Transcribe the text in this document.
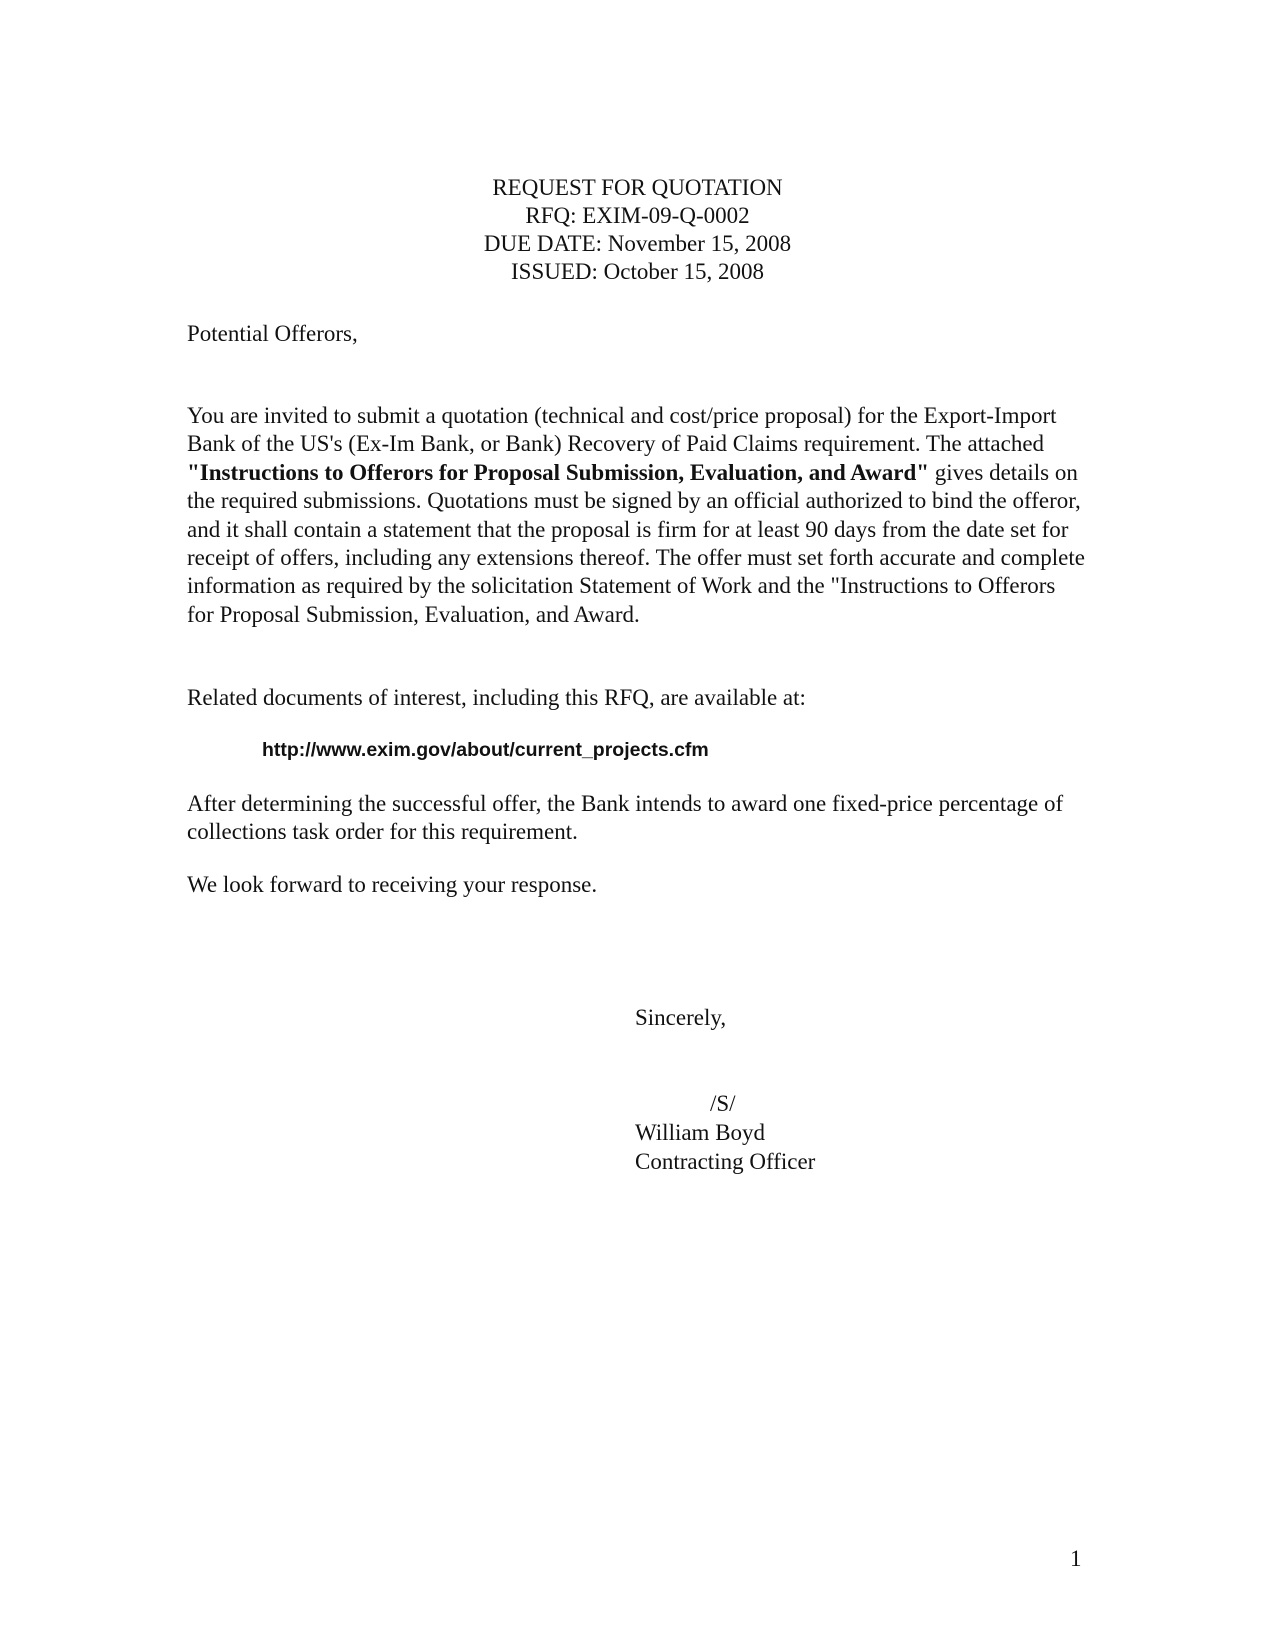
REQUEST FOR QUOTATION
RFQ: EXIM-09-Q-0002
DUE DATE: November 15, 2008
ISSUED: October 15, 2008
Potential Offerors,
You are invited to submit a quotation (technical and cost/price proposal) for the Export-Import Bank of the US's (Ex-Im Bank, or Bank) Recovery of Paid Claims requirement. The attached "Instructions to Offerors for Proposal Submission, Evaluation, and Award" gives details on the required submissions. Quotations must be signed by an official authorized to bind the offeror, and it shall contain a statement that the proposal is firm for at least 90 days from the date set for receipt of offers, including any extensions thereof. The offer must set forth accurate and complete information as required by the solicitation Statement of Work and the "Instructions to Offerors for Proposal Submission, Evaluation, and Award.
Related documents of interest, including this RFQ, are available at:
http://www.exim.gov/about/current_projects.cfm
After determining the successful offer, the Bank intends to award one fixed-price percentage of collections task order for this requirement.
We look forward to receiving your response.
Sincerely,
/S/
William Boyd
Contracting Officer
1
